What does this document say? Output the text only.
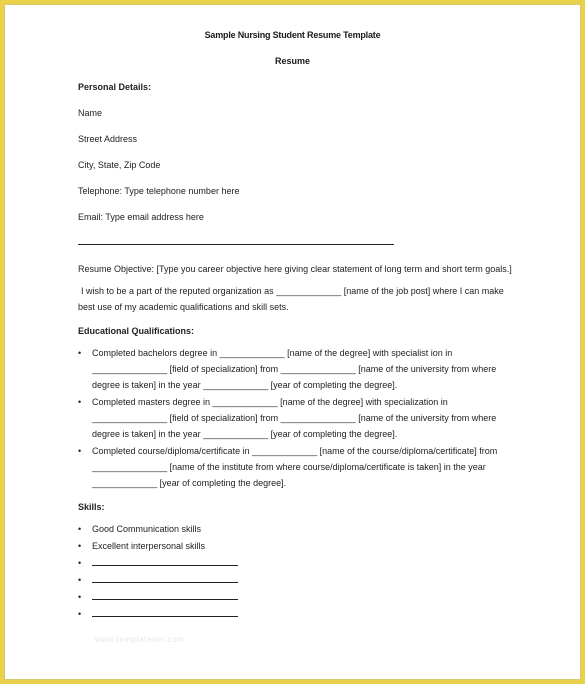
Sample Nursing Student Resume Template
Resume

Personal Details:

Name

Street Address

City, State, Zip Code

Telephone: Type telephone number here

Email: Type email address here

Resume Objective: [Type you career objective here giving clear statement of long term and short term goals.]

I wish to be a part of the reputed organization as _____________ [name of the job post] where I can make best use of my academic qualifications and skill sets.

Educational Qualifications:

• Completed bachelors degree in _____________ [name of the degree] with specialist ion in _______________ [field of specialization] from _______________ [name of the university from where degree is taken] in the year _____________ [year of completing the degree].
• Completed masters degree in _____________ [name of the degree] with specialization in _______________ [field of specialization] from _______________ [name of the university from where degree is taken] in the year _____________ [year of completing the degree].
• Completed course/diploma/certificate in _____________ [name of the course/diploma/certificate] from _______________ [name of the institute from where course/diploma/certificate is taken] in the year _____________ [year of completing the degree].

Skills:

• Good Communication skills
• Excellent interpersonal skills
•
•
•
•
www.templatenet.com
